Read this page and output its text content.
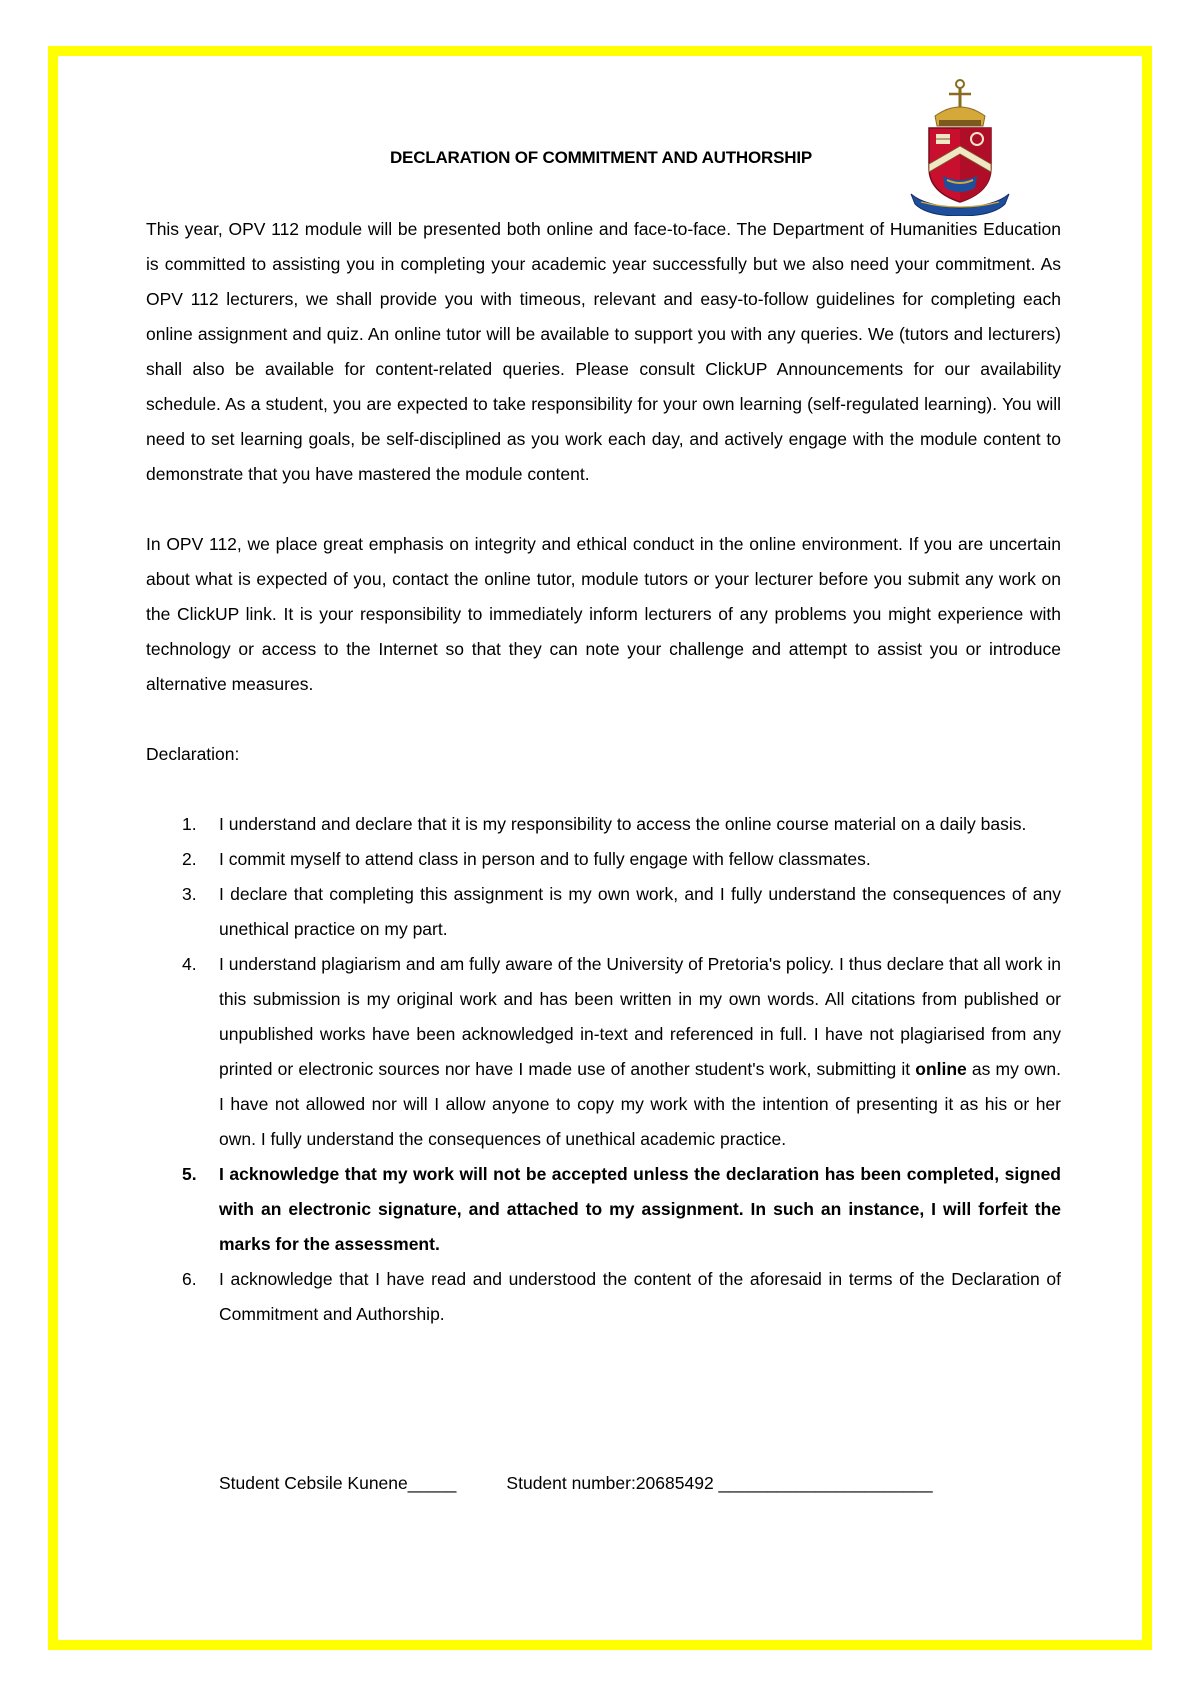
DECLARATION OF COMMITMENT AND AUTHORSHIP

This year, OPV 112 module will be presented both online and face-to-face. The Department of Humanities Education is committed to assisting you in completing your academic year successfully but we also need your commitment. As OPV 112 lecturers, we shall provide you with timeous, relevant and easy-to-follow guidelines for completing each online assignment and quiz. An online tutor will be available to support you with any queries. We (tutors and lecturers) shall also be available for content-related queries. Please consult ClickUP Announcements for our availability schedule. As a student, you are expected to take responsibility for your own learning (self-regulated learning). You will need to set learning goals, be self-disciplined as you work each day, and actively engage with the module content to demonstrate that you have mastered the module content.

In OPV 112, we place great emphasis on integrity and ethical conduct in the online environment. If you are uncertain about what is expected of you, contact the online tutor, module tutors or your lecturer before you submit any work on the ClickUP link. It is your responsibility to immediately inform lecturers of any problems you might experience with technology or access to the Internet so that they can note your challenge and attempt to assist you or introduce alternative measures.

Declaration:

1. I understand and declare that it is my responsibility to access the online course material on a daily basis.
2. I commit myself to attend class in person and to fully engage with fellow classmates.
3. I declare that completing this assignment is my own work, and I fully understand the consequences of any unethical practice on my part.
4. I understand plagiarism and am fully aware of the University of Pretoria's policy. I thus declare that all work in this submission is my original work and has been written in my own words. All citations from published or unpublished works have been acknowledged in-text and referenced in full. I have not plagiarised from any printed or electronic sources nor have I made use of another student's work, submitting it online as my own. I have not allowed nor will I allow anyone to copy my work with the intention of presenting it as his or her own. I fully understand the consequences of unethical academic practice.
5. I acknowledge that my work will not be accepted unless the declaration has been completed, signed with an electronic signature, and attached to my assignment. In such an instance, I will forfeit the marks for the assessment.
6. I acknowledge that I have read and understood the content of the aforesaid in terms of the Declaration of Commitment and Authorship.
Student Cebsile Kunene_____	Student number:20685492 ______________________
